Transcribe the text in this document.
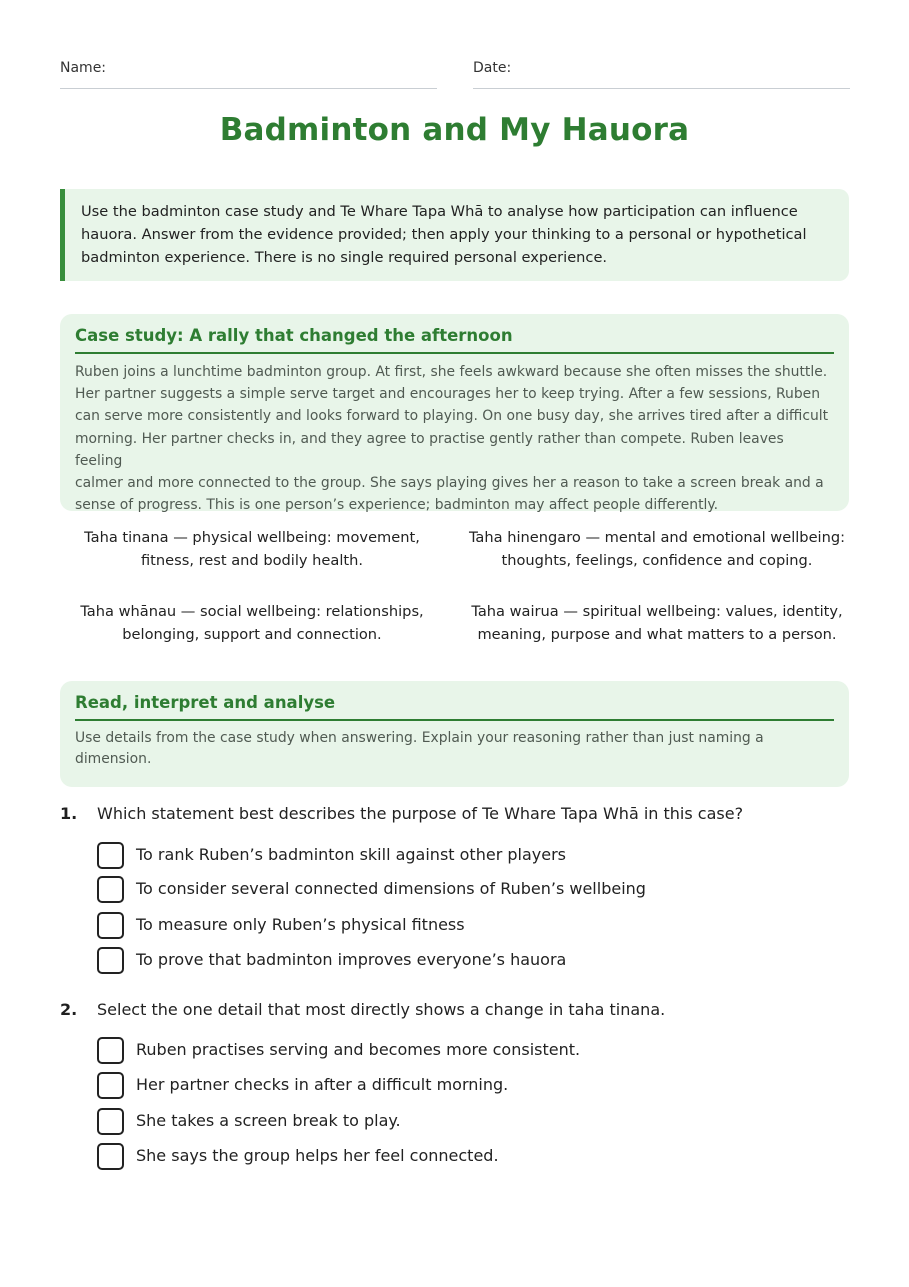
Name:	Date:
Badminton and My Hauora
Use the badminton case study and Te Whare Tapa Whā to analyse how participation can influence
hauora. Answer from the evidence provided; then apply your thinking to a personal or hypothetical
badminton experience. There is no single required personal experience.
Case study: A rally that changed the afternoon
Ruben joins a lunchtime badminton group. At first, she feels awkward because she often misses the shuttle.
Her partner suggests a simple serve target and encourages her to keep trying. After a few sessions, Ruben
can serve more consistently and looks forward to playing. On one busy day, she arrives tired after a difficult
morning. Her partner checks in, and they agree to practise gently rather than compete. Ruben leaves feeling
calmer and more connected to the group. She says playing gives her a reason to take a screen break and a
sense of progress. This is one person’s experience; badminton may affect people differently.
Taha tinana — physical wellbeing: movement,
fitness, rest and bodily health.
Taha hinengaro — mental and emotional wellbeing:
thoughts, feelings, confidence and coping.
Taha whānau — social wellbeing: relationships,
belonging, support and connection.
Taha wairua — spiritual wellbeing: values, identity,
meaning, purpose and what matters to a person.
Read, interpret and analyse
Use details from the case study when answering. Explain your reasoning rather than just naming a
dimension.
1. Which statement best describes the purpose of Te Whare Tapa Whā in this case?
To rank Ruben’s badminton skill against other players
To consider several connected dimensions of Ruben’s wellbeing
To measure only Ruben’s physical fitness
To prove that badminton improves everyone’s hauora
2. Select the one detail that most directly shows a change in taha tinana.
Ruben practises serving and becomes more consistent.
Her partner checks in after a difficult morning.
She takes a screen break to play.
She says the group helps her feel connected.
